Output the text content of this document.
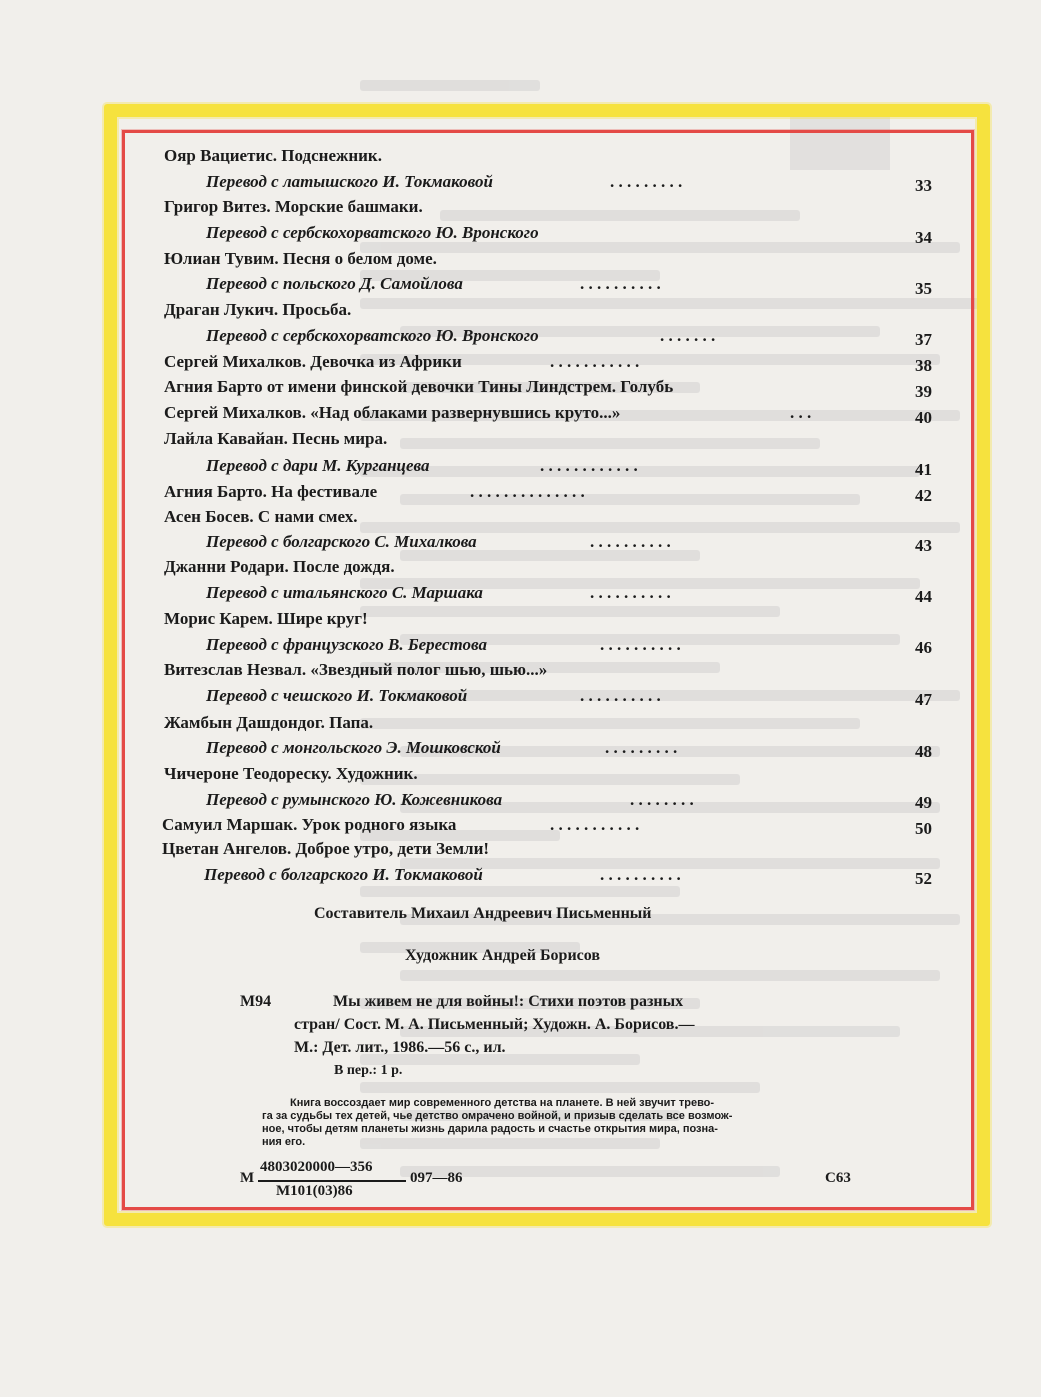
Ояр Вациетис. Подснежник.
Перевод с латышского И. Токмаковой	. . . . . . . . .	33
Григор Витез. Морские башмаки.
Перевод с сербскохорватского Ю. Вронского	34
Юлиан Тувим. Песня о белом доме.
Перевод с польского Д. Самойлова	. . . . . . . . . .	35
Драган Лукич. Просьба.
Перевод с сербскохорватского Ю. Вронского	. . . . . . .	37
Сергей Михалков. Девочка из Африки	. . . . . . . . . . .	38
Агния Барто от имени финской девочки Тины Линдстрем. Голубь	39
Сергей Михалков. «Над облаками развернувшись круто...»	. . .	40
Лайла Кавайан. Песнь мира.
Перевод с дари М. Курганцева	. . . . . . . . . . . .	41
Агния Барто. На фестивале	. . . . . . . . . . . . . .	42
Асен Босев. С нами смех.
Перевод с болгарского С. Михалкова	. . . . . . . . . .	43
Джанни Родари. После дождя.
Перевод с итальянского С. Маршака	. . . . . . . . . .	44
Морис Карем. Шире круг!
Перевод с французского В. Берестова	. . . . . . . . . .	46
Витезслав Незвал. «Звездный полог шью, шью...»
Перевод с чешского И. Токмаковой	. . . . . . . . . .	47
Жамбын Дашдондог. Папа.
Перевод с монгольского Э. Мошковской	. . . . . . . . .	48
Чичероне Теодореску. Художник.
Перевод с румынского Ю. Кожевникова	. . . . . . . .	49
Самуил Маршак. Урок родного языка	. . . . . . . . . . .	50
Цветан Ангелов. Доброе утро, дети Земли!
Перевод с болгарского И. Токмаковой	. . . . . . . . . .	52
Составитель Михаил Андреевич Письменный
Художник Андрей Борисов
М94	Мы живем не для войны!: Стихи поэтов разных
стран/ Сост. М. А. Письменный; Художн. А. Борисов.—
М.: Дет. лит., 1986.—56 с., ил.
В пер.: 1 р.
Книга воссоздает мир современного детства на планете. В ней звучит трево-
га за судьбы тех детей, чье детство омрачено войной, и призыв сделать все возмож-
ное, чтобы детям планеты жизнь дарила радость и счастье открытия мира, позна-
ния его.
М
4803020000—356
М101(03)86
097—86	С63
